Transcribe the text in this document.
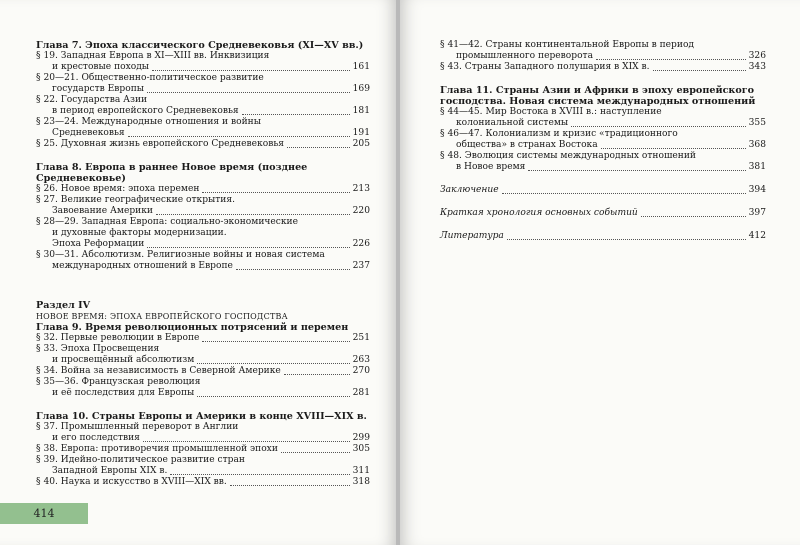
Глава 7. Эпоха классического Средневековья (XI—XV вв.)
§ 19. Западная Европа в XI—XIII вв. Инквизиция
и крестовые походы	161
§ 20—21. Общественно-политическое развитие
государств Европы	169
§ 22. Государства Азии
в период европейского Средневековья	181
§ 23—24. Международные отношения и войны
Средневековья	191
§ 25. Духовная жизнь европейского Средневековья	205
Глава 8. Европа в раннее Новое время (позднее
Средневековье)
§ 26. Новое время: эпоха перемен	213
§ 27. Великие географические открытия.
Завоевание Америки	220
§ 28—29. Западная Европа: социально-экономические
и духовные факторы модернизации.
Эпоха Реформации	226
§ 30—31. Абсолютизм. Религиозные войны и новая система
международных отношений в Европе	237
Раздел IV
НОВОЕ ВРЕМЯ: ЭПОХА ЕВРОПЕЙСКОГО ГОСПОДСТВА
Глава 9. Время революционных потрясений и перемен
§ 32. Первые революции в Европе	251
§ 33. Эпоха Просвещения
и просвещённый абсолютизм	263
§ 34. Война за независимость в Северной Америке	270
§ 35—36. Французская революция
и её последствия для Европы	281
Глава 10. Страны Европы и Америки в конце XVIII—XIX в.
§ 37. Промышленный переворот в Англии
и его последствия	299
§ 38. Европа: противоречия промышленной эпохи	305
§ 39. Идейно-политическое развитие стран
Западной Европы XIX в.	311
§ 40. Наука и искусство в XVIII—XIX вв.	318
414
§ 41—42. Страны континентальной Европы в период
промышленного переворота	326
§ 43. Страны Западного полушария в XIX в.	343
Глава 11. Страны Азии и Африки в эпоху европейского
господства. Новая система международных отношений
§ 44—45. Мир Востока в XVIII в.: наступление
колониальной системы	355
§ 46—47. Колониализм и кризис «традиционного
общества» в странах Востока	368
§ 48. Эволюция системы международных отношений
в Новое время	381
Заключение	394
Краткая хронология основных событий	397
Литература	412
